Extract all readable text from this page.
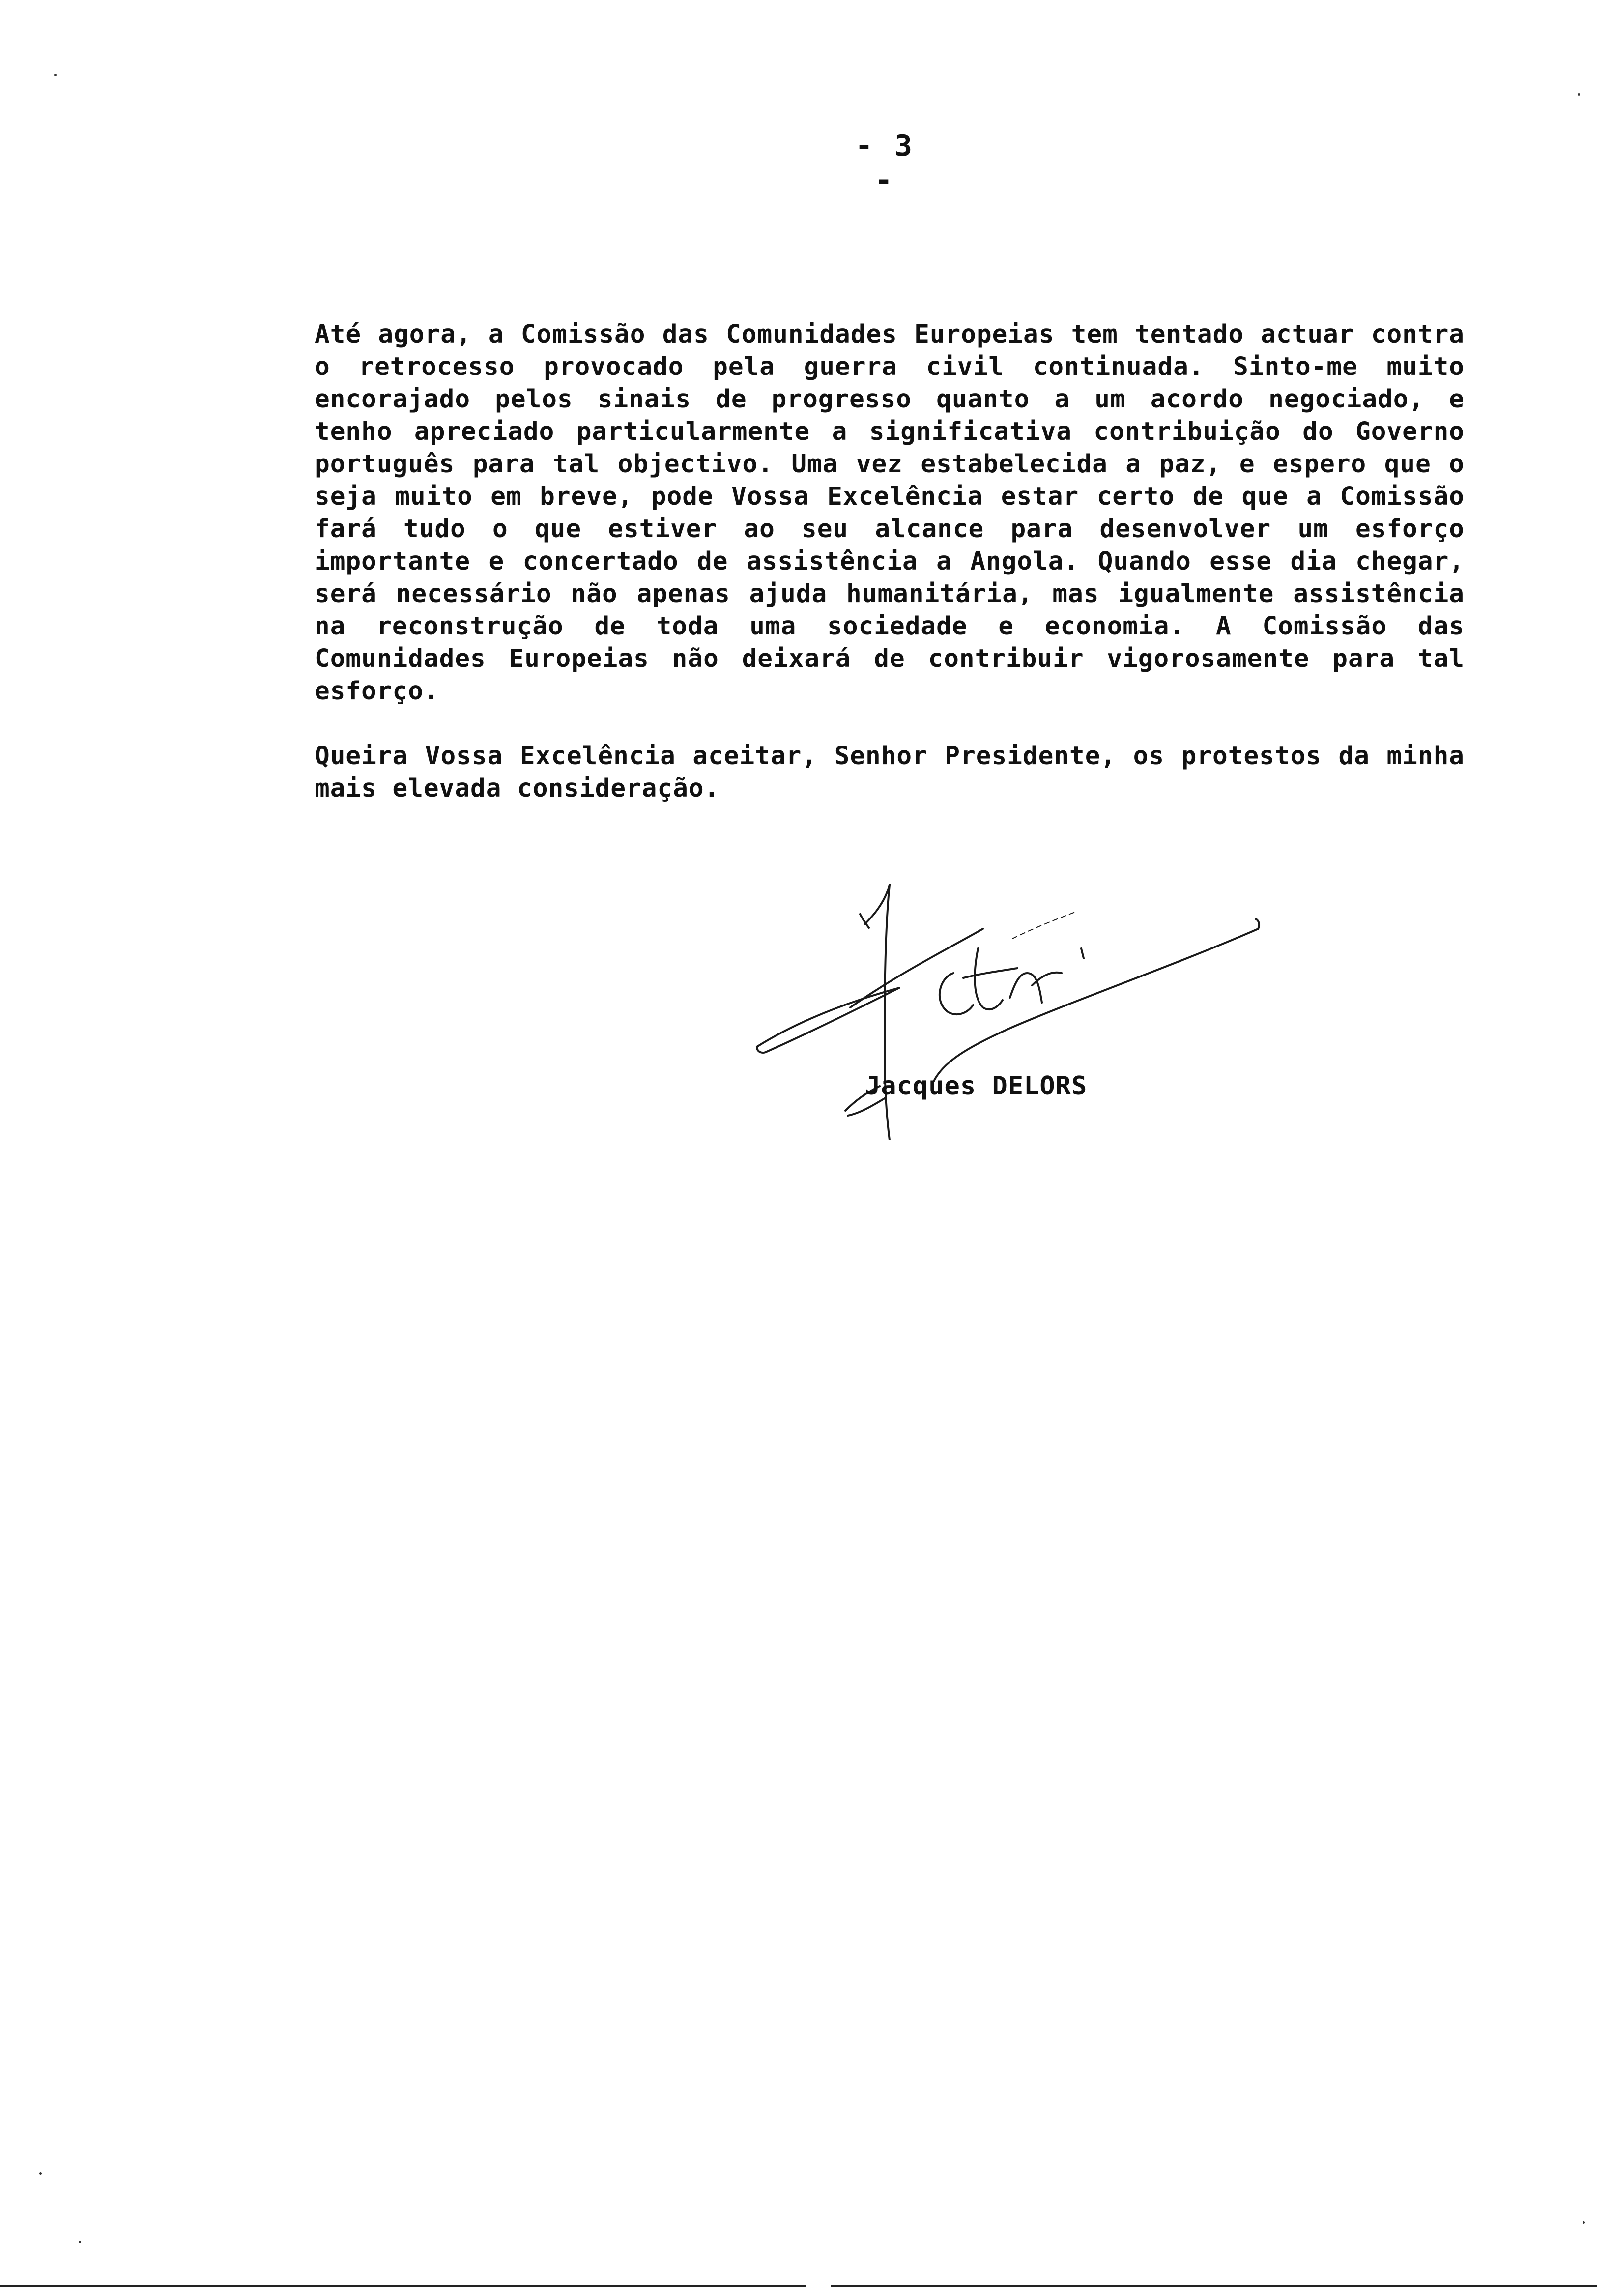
- 3 -

Até agora, a Comissão das Comunidades Europeias tem tentado actuar contra o retrocesso provocado pela guerra civil continuada. Sinto-me muito encorajado pelos sinais de progresso quanto a um acordo negociado, e tenho apreciado particularmente a significativa contribuição do Governo português para tal objectivo. Uma vez estabelecida a paz, e espero que o seja muito em breve, pode Vossa Excelência estar certo de que a Comissão fará tudo o que estiver ao seu alcance para desenvolver um esforço importante e concertado de assistência a Angola. Quando esse dia chegar, será necessário não apenas ajuda humanitária, mas igualmente assistência na reconstrução de toda uma sociedade e economia. A Comissão das Comunidades Europeias não deixará de contribuir vigorosamente para tal esforço.

Queira Vossa Excelência aceitar, Senhor Presidente, os protestos da minha mais elevada consideração.

Jacques DELORS
